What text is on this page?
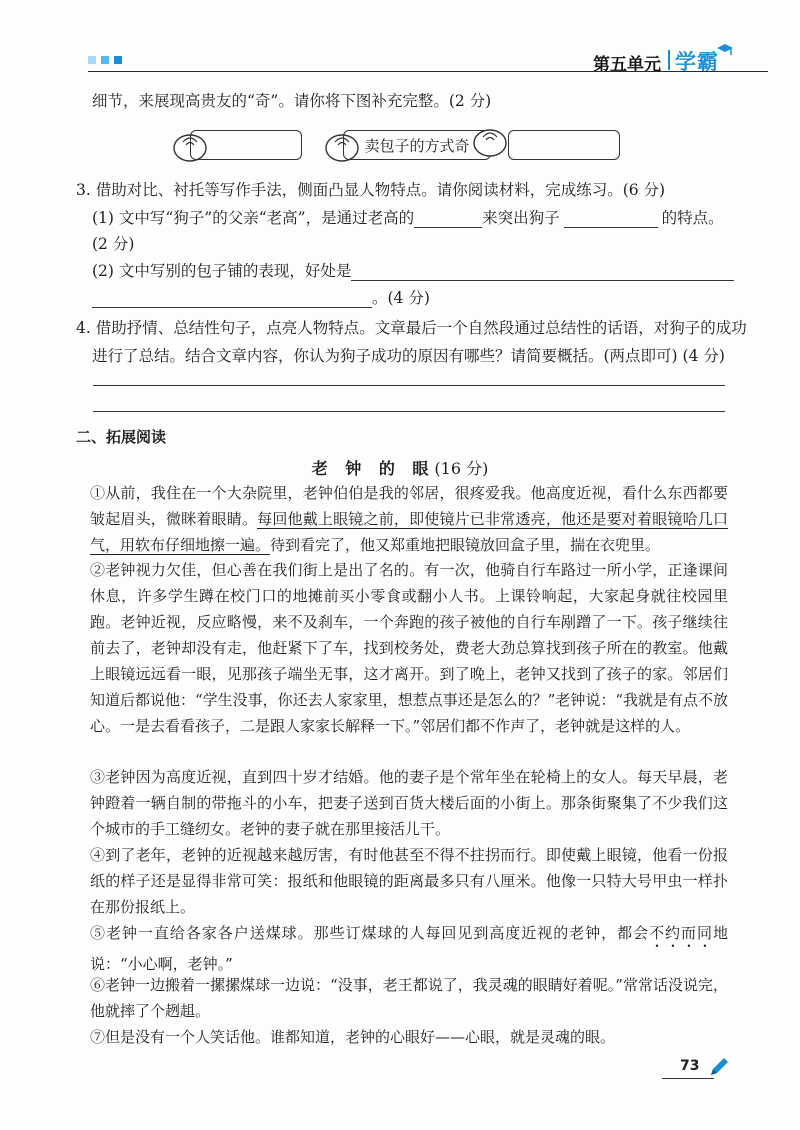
第五单元 学霸
细节，来展现高贵友的“奇”。请你将下图补充完整。(2 分)
卖包子的方式奇
3. 借助对比、衬托等写作手法，侧面凸显人物特点。请你阅读材料，完成练习。(6 分)
(1) 文中写“狗子”的父亲“老高”，是通过老高的	来突出狗子	的特点。
(2 分)
(2) 文中写别的包子铺的表现，好处是
。(4 分)
4. 借助抒情、总结性句子，点亮人物特点。文章最后一个自然段通过总结性的话语，对狗子的成功
进行了总结。结合文章内容，你认为狗子成功的原因有哪些？请简要概括。(两点即可) (4 分)
二、拓展阅读
老 钟 的 眼(16 分)
①从前，我住在一个大杂院里，老钟伯伯是我的邻居，很疼爱我。他高度近视，看什么东西都要皱起眉头，微眯着眼睛。每回他戴上眼镜之前，即使镜片已非常透亮，他还是要对着眼镜哈几口气，用软布仔细地擦一遍。待到看完了，他又郑重地把眼镜放回盒子里，揣在衣兜里。
②老钟视力欠佳，但心善在我们街上是出了名的。有一次，他骑自行车路过一所小学，正逢课间休息，许多学生蹲在校门口的地摊前买小零食或翻小人书。上课铃响起，大家起身就往校园里跑。老钟近视，反应略慢，来不及刹车，一个奔跑的孩子被他的自行车剐蹭了一下。孩子继续往前去了，老钟却没有走，他赶紧下了车，找到校务处，费老大劲总算找到孩子所在的教室。他戴上眼镜远远看一眼，见那孩子端坐无事，这才离开。到了晚上，老钟又找到了孩子的家。邻居们知道后都说他：“学生没事，你还去人家家里，想惹点事还是怎么的？”老钟说：“我就是有点不放心。一是去看看孩子，二是跟人家家长解释一下。”邻居们都不作声了，老钟就是这样的人。
③老钟因为高度近视，直到四十岁才结婚。他的妻子是个常年坐在轮椅上的女人。每天早晨，老钟蹬着一辆自制的带拖斗的小车，把妻子送到百货大楼后面的小街上。那条街聚集了不少我们这个城市的手工缝纫女。老钟的妻子就在那里接活儿干。
④到了老年，老钟的近视越来越厉害，有时他甚至不得不拄拐而行。即使戴上眼镜，他看一份报纸的样子还是显得非常可笑：报纸和他眼镜的距离最多只有八厘米。他像一只特大号甲虫一样扑在那份报纸上。
⑤老钟一直给各家各户送煤球。那些订煤球的人每回见到高度近视的老钟，都会不约而同地说：“小心啊，老钟。”
⑥老钟一边搬着一摞摞煤球一边说：“没事，老王都说了，我灵魂的眼睛好着呢。”常常话没说完，他就摔了个趔趄。
⑦但是没有一个人笑话他。谁都知道，老钟的心眼好——心眼，就是灵魂的眼。
73
